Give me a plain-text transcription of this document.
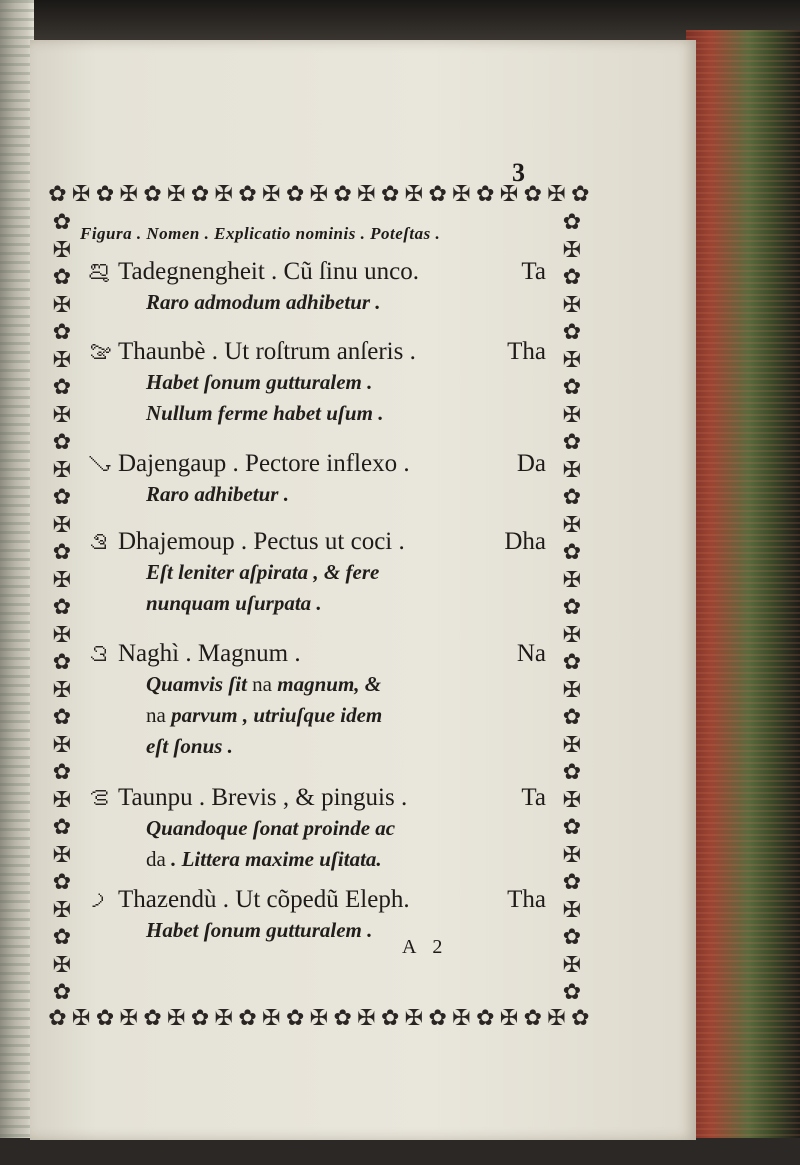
3
✿ ✠ ✿ ✠ ✿ ✠ ✿ ✠ ✿ ✠ ✿ ✠ ✿ ✠ ✿ ✠ ✿ ✠ ✿ ✠ ✿ ✠ ✿
✿ ✠ ✿ ✠ ✿ ✠ ✿ ✠ ✿ ✠ ✿ ✠ ✿ ✠ ✿ ✠ ✿ ✠ ✿ ✠ ✿ ✠ ✿
✿
✠
✿
✠
✿
✠
✿
✠
✿
✠
✿
✠
✿
✠
✿
✠
✿
✠
✿
✠
✿
✠
✿
✠
✿
✠
✿
✠
✿
✿
✠
✿
✠
✿
✠
✿
✠
✿
✠
✿
✠
✿
✠
✿
✠
✿
✠
✿
✠
✿
✠
✿
✠
✿
✠
✿
✠
✿
Figura . Nomen . Explicatio nominis . Poteſtas .
ࡡ Tadegnengheit . Cũ ſinu unco.	Ta
Raro admodum adhibetur .
ࡢ Thaunbè . Ut roſtrum anſeris .	Tha
Habet ſonum gutturalem .
Nullum ferme habet uſum .
ࡣ Dajengaup . Pectore inflexo .	Da
Raro adhibetur .
ࡤ Dhajemoup . Pectus ut coci .	Dha
Eſt leniter aſpirata , & fere
nunquam uſurpata .
ࡥ Naghì . Magnum .	Na
Quamvis ſit na magnum, &
na parvum , utriuſque idem
eſt ſonus .
ࡦ Taunpu . Brevis , & pinguis .	Ta
Quandoque ſonat proinde ac
da . Littera maxime uſitata.
ࡧ Thazendù . Ut cõpedũ Eleph.	Tha
Habet ſonum gutturalem .
A 2
